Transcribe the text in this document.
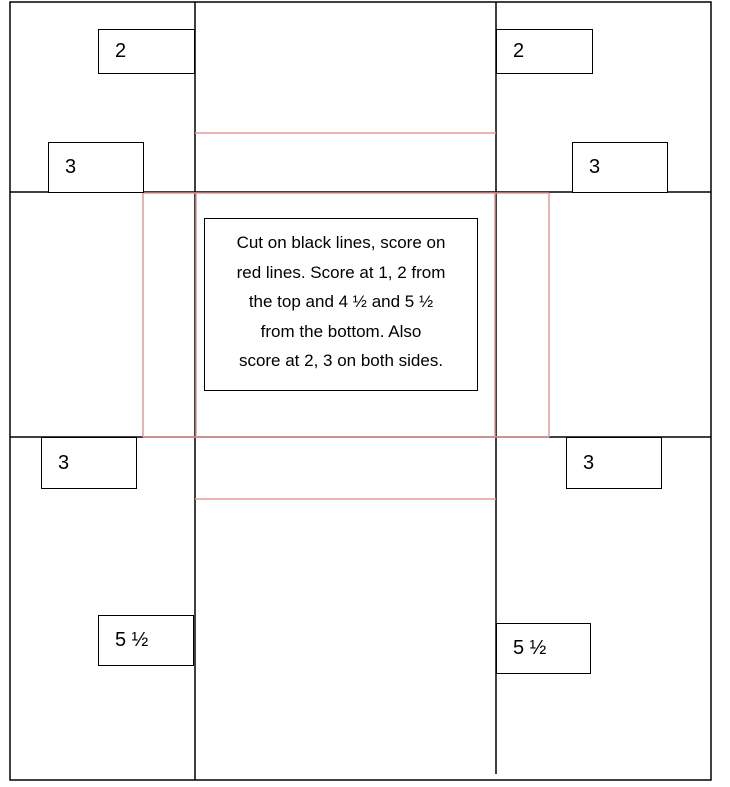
2	2
3	3
3	3
5 ½	5 ½
Cut on black lines, score on
red lines. Score at 1, 2 from
the top and 4 ½ and 5 ½
from the bottom. Also
score at 2, 3 on both sides.
